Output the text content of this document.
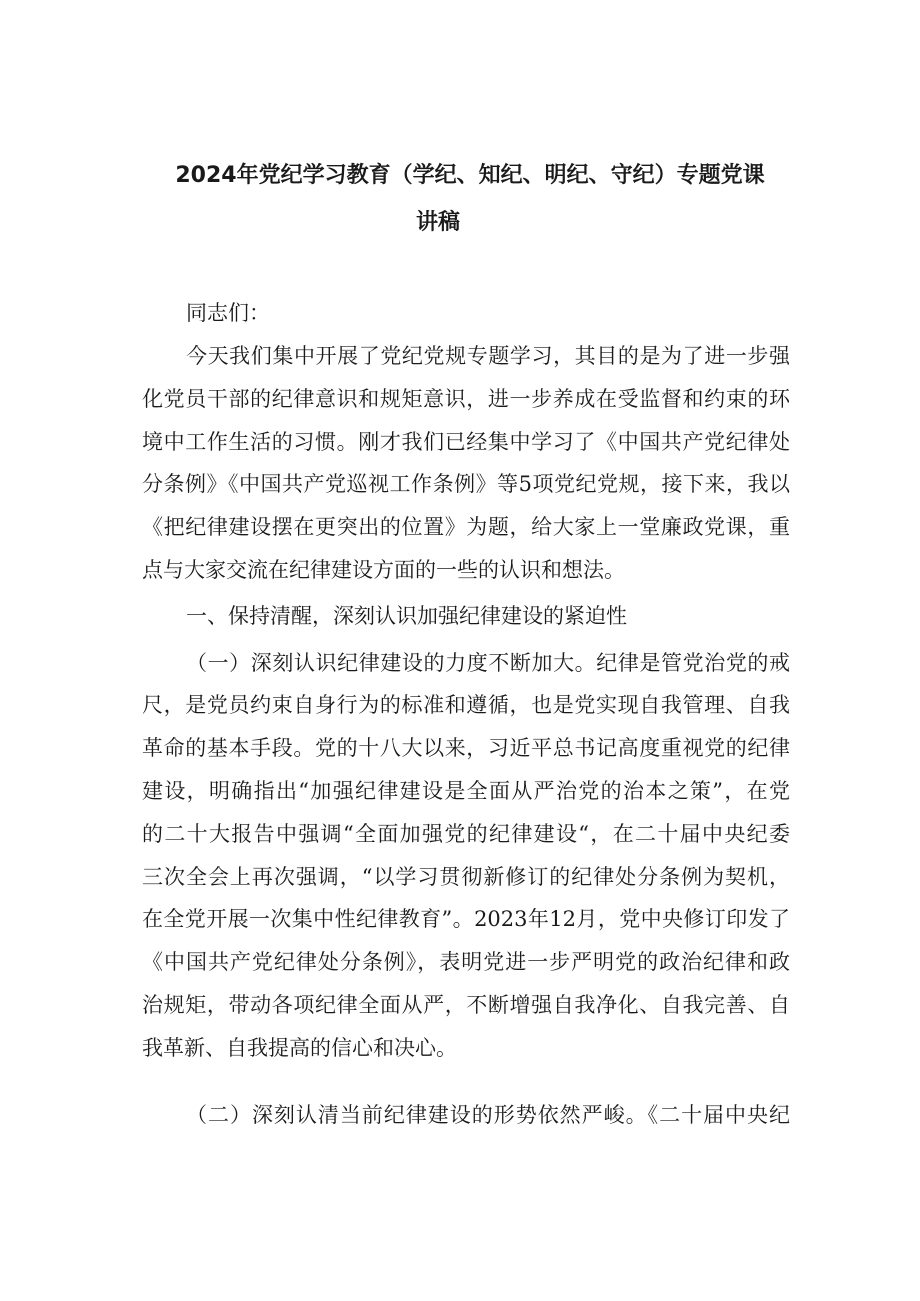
2024年党纪学习教育（学纪、知纪、明纪、守纪）专题党课
讲稿
同志们：
今天我们集中开展了党纪党规专题学习，其目的是为了进一步强
化党员干部的纪律意识和规矩意识，进一步养成在受监督和约束的环
境中工作生活的习惯。刚才我们已经集中学习了《中国共产党纪律处
分条例》《中国共产党巡视工作条例》等5项党纪党规，接下来，我以
《把纪律建设摆在更突出的位置》为题，给大家上一堂廉政党课，重
点与大家交流在纪律建设方面的一些的认识和想法。
一、保持清醒，深刻认识加强纪律建设的紧迫性
（一）深刻认识纪律建设的力度不断加大。纪律是管党治党的戒
尺，是党员约束自身行为的标准和遵循，也是党实现自我管理、自我
革命的基本手段。党的十八大以来，习近平总书记高度重视党的纪律
建设，明确指出“加强纪律建设是全面从严治党的治本之策”，在党
的二十大报告中强调“全面加强党的纪律建设“，在二十届中央纪委
三次全会上再次强调，“以学习贯彻新修订的纪律处分条例为契机，
在全党开展一次集中性纪律教育”。2023年12月，党中央修订印发了
《中国共产党纪律处分条例》，表明党进一步严明党的政治纪律和政
治规矩，带动各项纪律全面从严，不断增强自我净化、自我完善、自
我革新、自我提高的信心和决心。
（二）深刻认清当前纪律建设的形势依然严峻。《二十届中央纪
